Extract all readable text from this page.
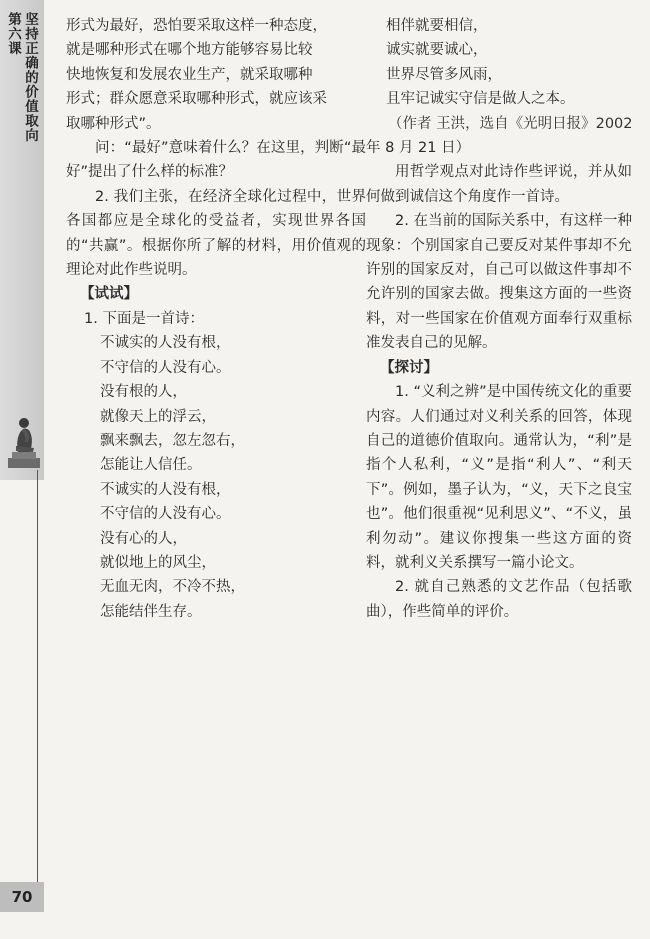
第六课 坚持正确的价值取向
70

形式为最好，恐怕要采取这样一种态度，

就是哪种形式在哪个地方能够容易比较

快地恢复和发展农业生产，就采取哪种

形式；群众愿意采取哪种形式，就应该采

取哪种形式”。

问：“最好”意味着什么？在这里，判断“最好”提出了什么样的标准？

2. 我们主张，在经济全球化过程中，世界各国都应是全球化的受益者，实现世界各国的“共赢”。根据你所了解的材料，用价值观的理论对此作些说明。

【试试】

1. 下面是一首诗：

不诚实的人没有根，

不守信的人没有心。

没有根的人，

就像天上的浮云，

飘来飘去，忽左忽右，

怎能让人信任。

不诚实的人没有根，

不守信的人没有心。

没有心的人，

就似地上的风尘，

无血无肉，不冷不热，

怎能结伴生存。

相伴就要相信，

诚实就要诚心，

世界尽管多风雨，

且牢记诚实守信是做人之本。

（作者 王洪，选自《光明日报》2002

年 8 月 21 日）

用哲学观点对此诗作些评说，并从如何做到诚信这个角度作一首诗。

2. 在当前的国际关系中，有这样一种现象：个别国家自己要反对某件事却不允许别的国家反对，自己可以做这件事却不允许别的国家去做。搜集这方面的一些资料，对一些国家在价值观方面奉行双重标准发表自己的见解。

【探讨】

1. “义利之辨”是中国传统文化的重要内容。人们通过对义利关系的回答，体现自己的道德价值取向。通常认为，“利”是指个人私利，“义”是指“利人”、“利天下”。例如，墨子认为，“义，天下之良宝也”。他们很重视“见利思义”、“不义，虽利勿动”。建议你搜集一些这方面的资料，就利义关系撰写一篇小论文。

2. 就自己熟悉的文艺作品（包括歌曲），作些简单的评价。
